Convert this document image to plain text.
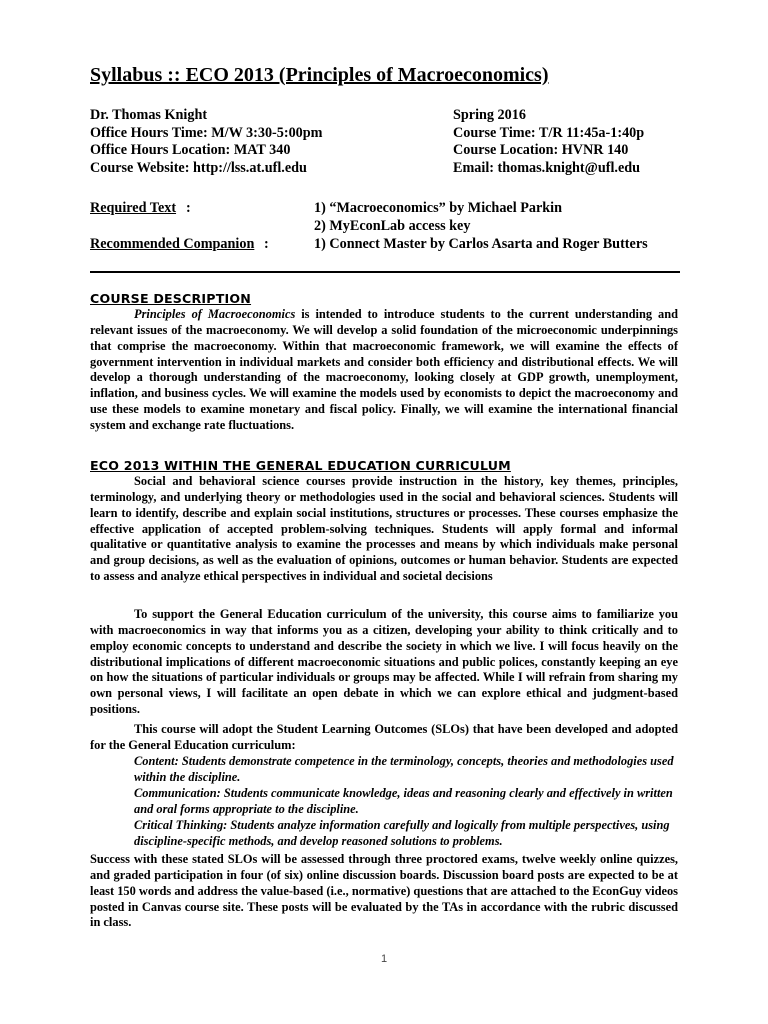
Syllabus :: ECO 2013 (Principles of Macroeconomics)
Dr. Thomas Knight
Office Hours Time: M/W 3:30-5:00pm
Office Hours Location: MAT 340
Course Website: http://lss.at.ufl.edu
Spring 2016
Course Time: T/R 11:45a-1:40p
Course Location: HVNR 140
Email: thomas.knight@ufl.edu
Required Text :	1) “Macroeconomics” by Michael Parkin
2) MyEconLab access key
Recommended Companion :	1) Connect Master by Carlos Asarta and Roger Butters
COURSE DESCRIPTION
Principles of Macroeconomics is intended to introduce students to the current understanding and relevant issues of the macroeconomy. We will develop a solid foundation of the microeconomic underpinnings that comprise the macroeconomy. Within that macroeconomic framework, we will examine the effects of government intervention in individual markets and consider both efficiency and distributional effects. We will develop a thorough understanding of the macroeconomy, looking closely at GDP growth, unemployment, inflation, and business cycles. We will examine the models used by economists to depict the macroeconomy and use these models to examine monetary and fiscal policy. Finally, we will examine the international financial system and exchange rate fluctuations.
ECO 2013 WITHIN THE GENERAL EDUCATION CURRICULUM
Social and behavioral science courses provide instruction in the history, key themes, principles, terminology, and underlying theory or methodologies used in the social and behavioral sciences. Students will learn to identify, describe and explain social institutions, structures or processes. These courses emphasize the effective application of accepted problem-solving techniques. Students will apply formal and informal qualitative or quantitative analysis to examine the processes and means by which individuals make personal and group decisions, as well as the evaluation of opinions, outcomes or human behavior. Students are expected to assess and analyze ethical perspectives in individual and societal decisions
To support the General Education curriculum of the university, this course aims to familiarize you with macroeconomics in way that informs you as a citizen, developing your ability to think critically and to employ economic concepts to understand and describe the society in which we live. I will focus heavily on the distributional implications of different macroeconomic situations and public polices, constantly keeping an eye on how the situations of particular individuals or groups may be affected. While I will refrain from sharing my own personal views, I will facilitate an open debate in which we can explore ethical and judgment-based positions.
This course will adopt the Student Learning Outcomes (SLOs) that have been developed and adopted for the General Education curriculum:
Content: Students demonstrate competence in the terminology, concepts, theories and methodologies used within the discipline.
Communication: Students communicate knowledge, ideas and reasoning clearly and effectively in written and oral forms appropriate to the discipline.
Critical Thinking: Students analyze information carefully and logically from multiple perspectives, using discipline-specific methods, and develop reasoned solutions to problems.
Success with these stated SLOs will be assessed through three proctored exams, twelve weekly online quizzes, and graded participation in four (of six) online discussion boards. Discussion board posts are expected to be at least 150 words and address the value-based (i.e., normative) questions that are attached to the EconGuy videos posted in Canvas course site. These posts will be evaluated by the TAs in accordance with the rubric discussed in class.
1
